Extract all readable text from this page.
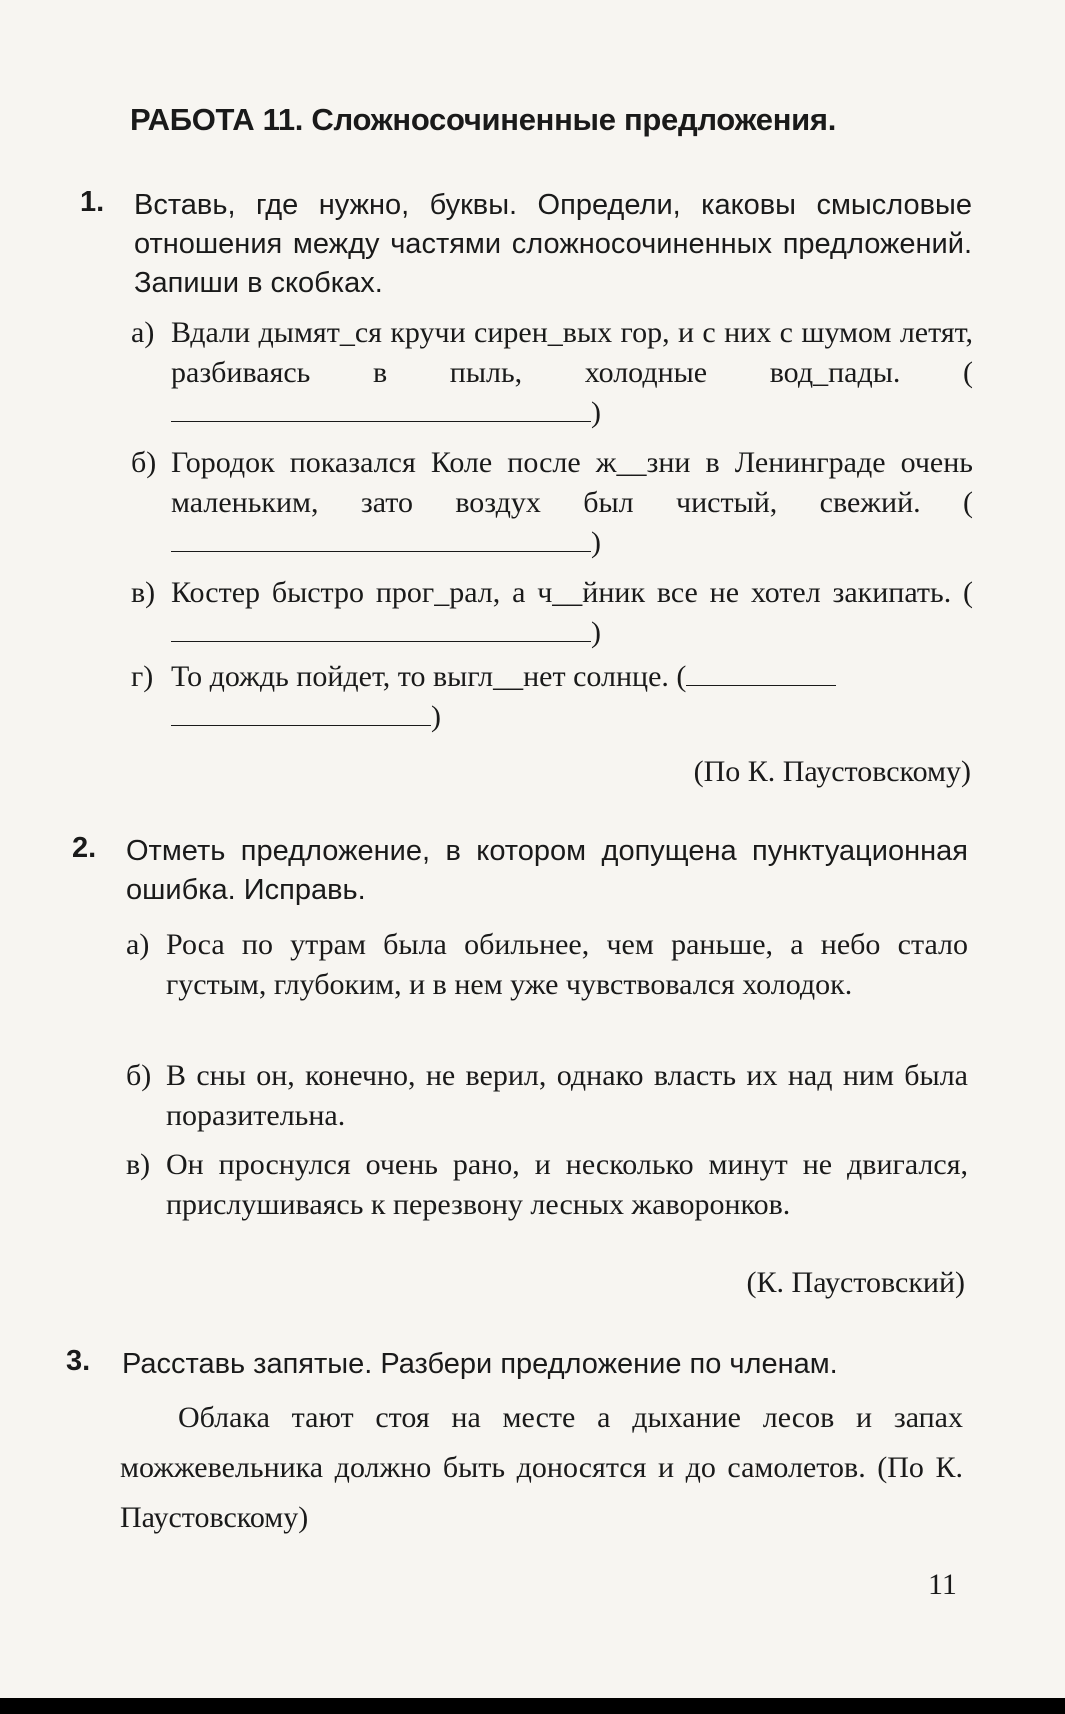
РАБОТА 11. Сложносочиненные предложения.
1. Вставь, где нужно, буквы. Определи, каковы смысловые отношения между частями сложносочиненных предложений. Запиши в скобках.
а) Вдали дымят_ся кручи сирен_вых гор, и с них с шумом летят, разбиваясь в пыль, холодные вод_пады. ()
б) Городок показался Коле после ж__зни в Ленинграде очень маленьким, зато воздух был чистый, свежий. ()
в) Костер быстро прог_рал, а ч__йник все не хотел закипать. ()
г) То дождь пойдет, то выгл__нет солнце. (
)
(По К. Паустовскому)
2. Отметь предложение, в котором допущена пунктуационная ошибка. Исправь.
а) Роса по утрам была обильнее, чем раньше, а небо стало густым, глубоким, и в нем уже чувствовался холодок.
б) В сны он, конечно, не верил, однако власть их над ним была поразительна.
в) Он проснулся очень рано, и несколько минут не двигался, прислушиваясь к перезвону лесных жаворонков.
(К. Паустовский)
3. Расставь запятые. Разбери предложение по членам.
Облака тают стоя на месте а дыхание лесов и запах можжевельника должно быть доносятся и до самолетов. (По К. Паустовскому)
11
